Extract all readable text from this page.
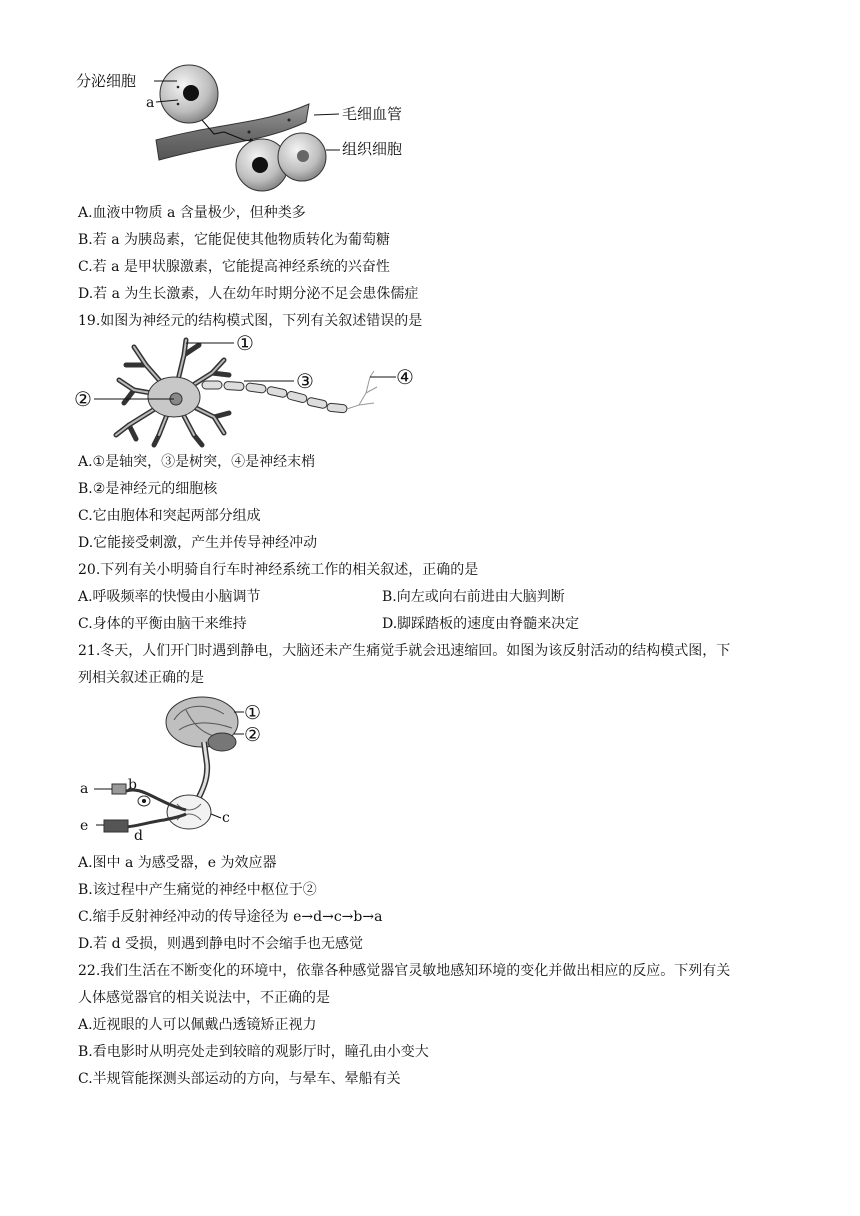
分泌细胞
a
毛细血管
组织细胞
A.血液中物质 a 含量极少，但种类多
B.若 a 为胰岛素，它能促使其他物质转化为葡萄糖
C.若 a 是甲状腺激素，它能提高神经系统的兴奋性
D.若 a 为生长激素，人在幼年时期分泌不足会患侏儒症
19.如图为神经元的结构模式图，下列有关叙述错误的是
①
②
③	④
A.①是轴突，③是树突，④是神经末梢
B.②是神经元的细胞核
C.它由胞体和突起两部分组成
D.它能接受刺激，产生并传导神经冲动
20.下列有关小明骑自行车时神经系统工作的相关叙述，正确的是
A.呼吸频率的快慢由小脑调节	B.向左或向右前进由大脑判断
C.身体的平衡由脑干来维持	D.脚踩踏板的速度由脊髓来决定
21.冬天，人们开门时遇到静电，大脑还未产生痛觉手就会迅速缩回。如图为该反射活动的结构模式图，下
列相关叙述正确的是
①
②
a	b
c
d
e
A.图中 a 为感受器，e 为效应器
B.该过程中产生痛觉的神经中枢位于②
C.缩手反射神经冲动的传导途径为 e→d→c→b→a
D.若 d 受损，则遇到静电时不会缩手也无感觉
22.我们生活在不断变化的环境中，依靠各种感觉器官灵敏地感知环境的变化并做出相应的反应。下列有关
人体感觉器官的相关说法中，不正确的是
A.近视眼的人可以佩戴凸透镜矫正视力
B.看电影时从明亮处走到较暗的观影厅时，瞳孔由小变大
C.半规管能探测头部运动的方向，与晕车、晕船有关
